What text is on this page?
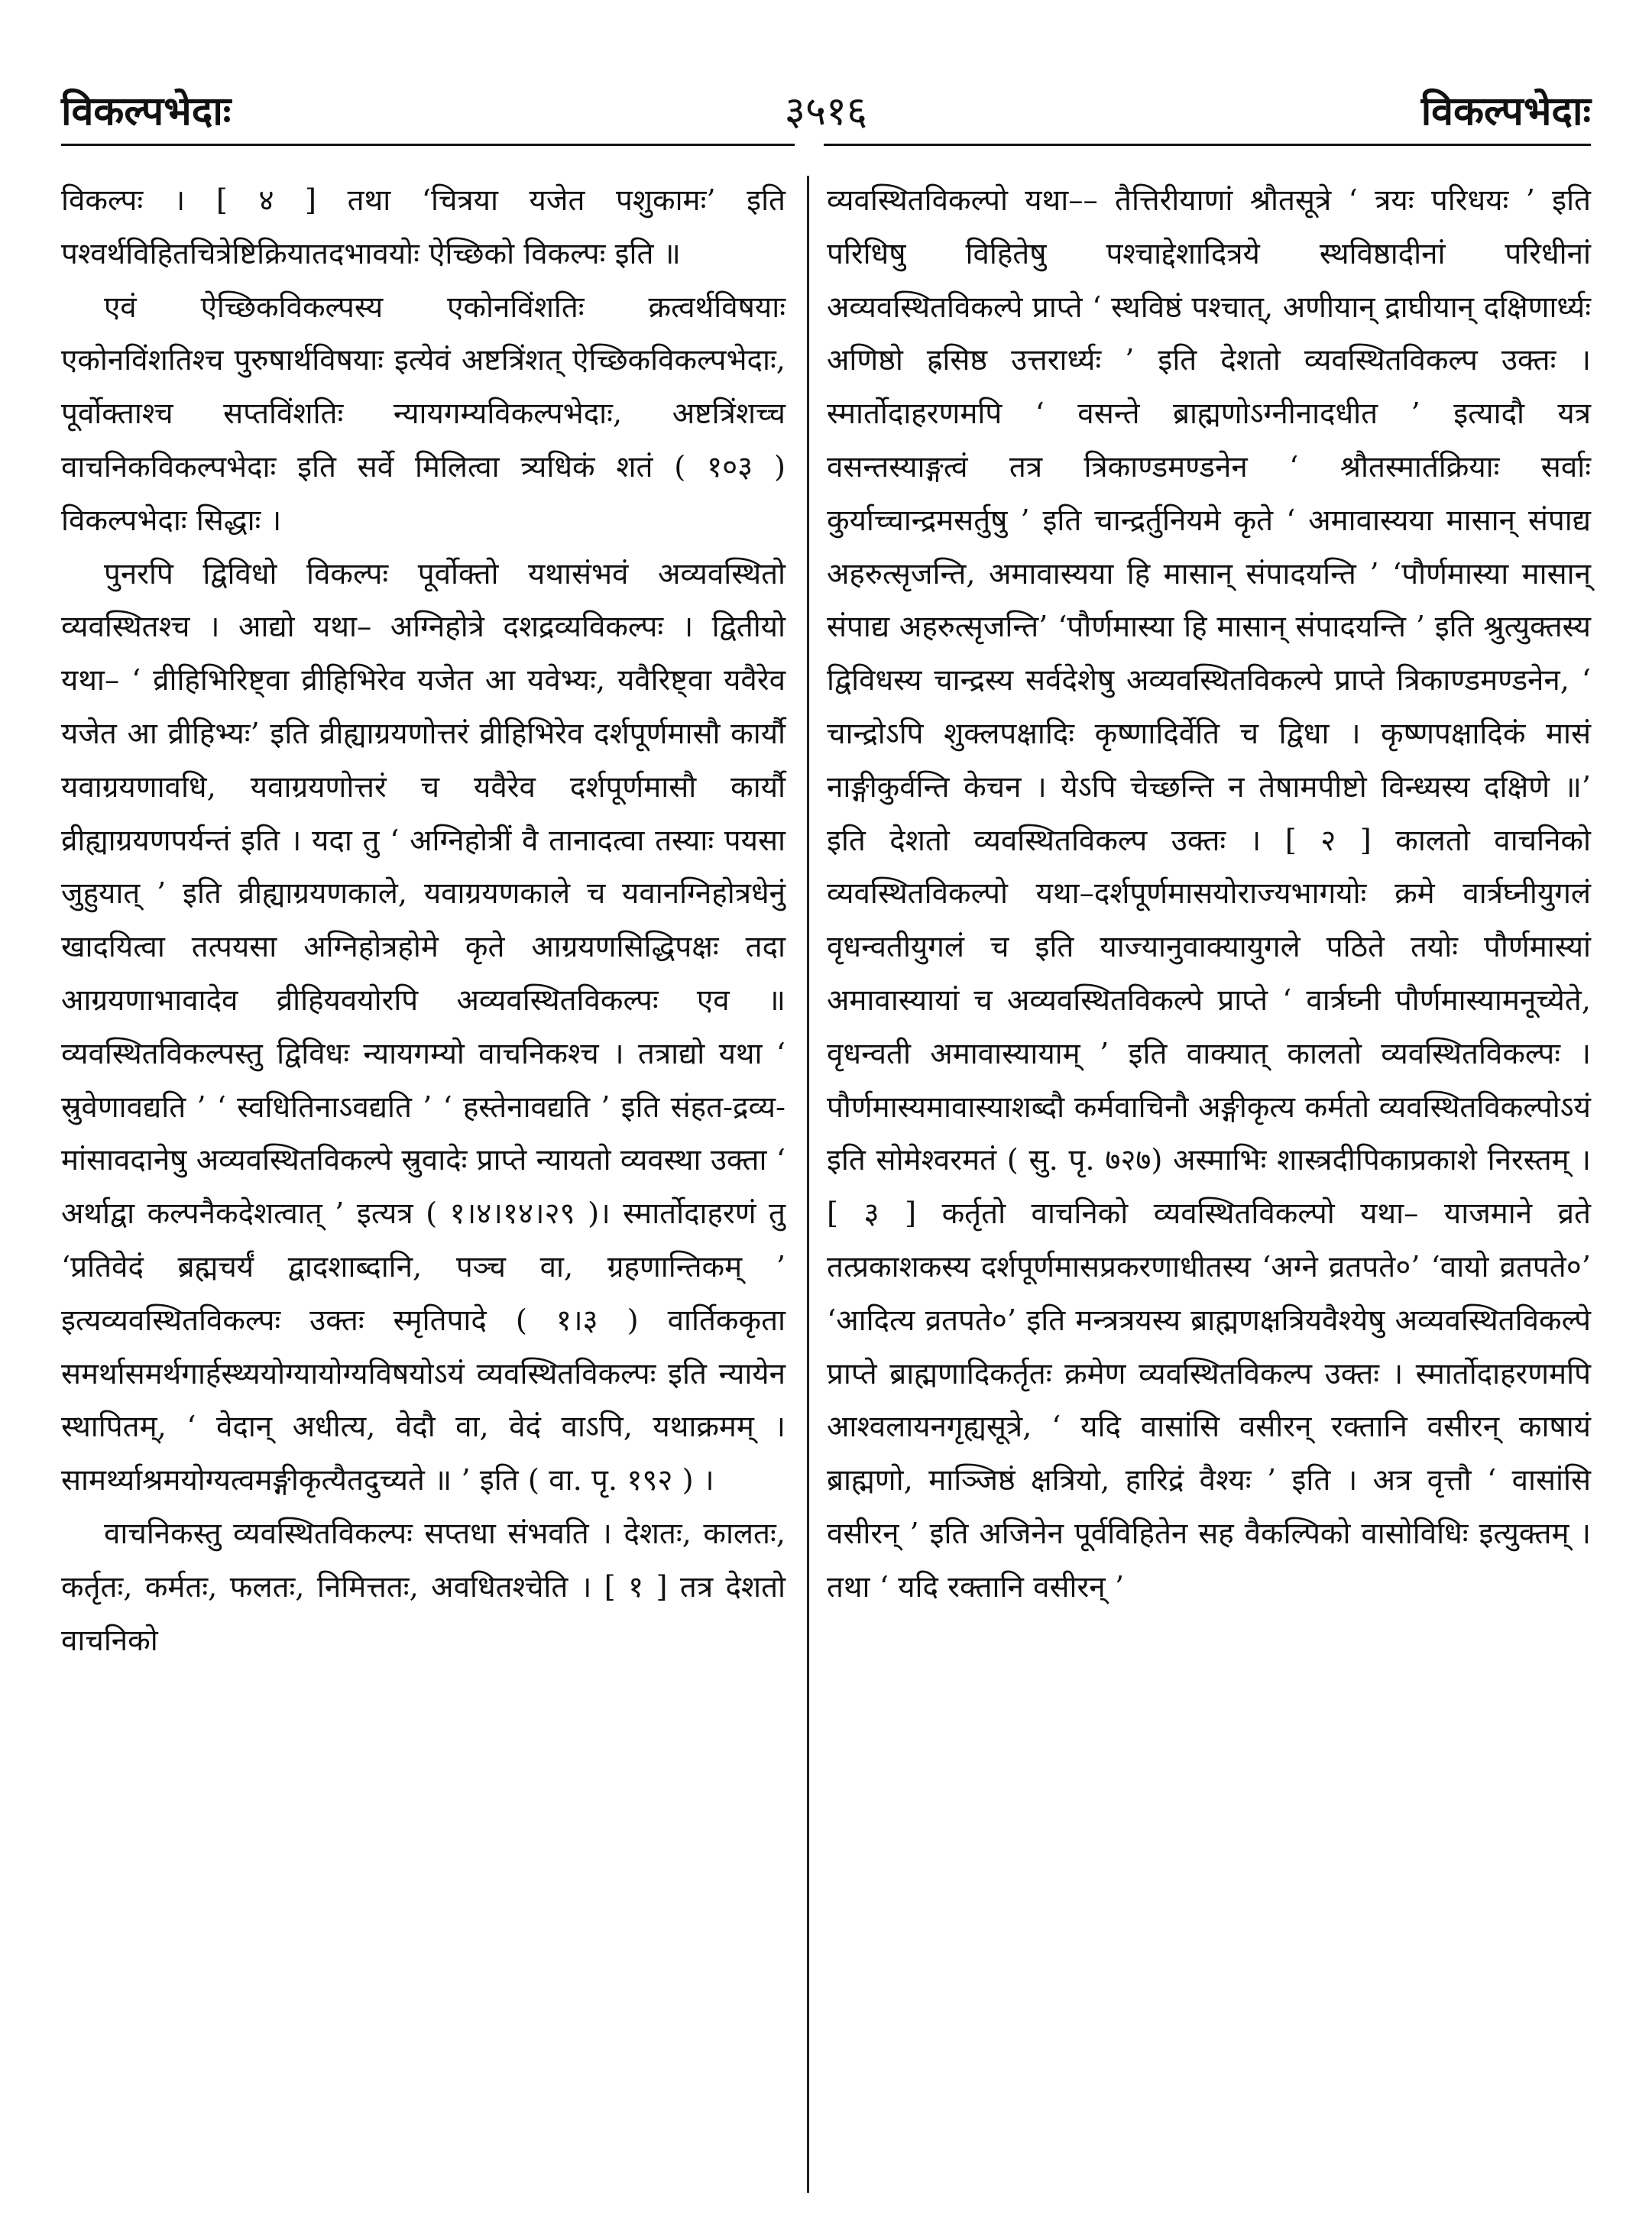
विकल्पभेदाः	३५१६	विकल्पभेदाः

विकल्पः । [ ४ ] तथा ‘चित्रया यजेत पशुकामः’ इति पश्वर्थविहितचित्रेष्टिक्रियातदभावयोः ऐच्छिको विकल्पः इति ॥

एवं ऐच्छिकविकल्पस्य एकोनविंशतिः क्रत्वर्थविषयाः एकोनविंशतिश्च पुरुषार्थविषयाः इत्येवं अष्टत्रिंशत् ऐच्छिकविकल्पभेदाः, पूर्वोक्ताश्च सप्तविंशतिः न्यायगम्यविकल्पभेदाः, अष्टत्रिंशच्च वाचनिकविकल्पभेदाः इति सर्वे मिलित्वा त्र्यधिकं शतं ( १०३ ) विकल्पभेदाः सिद्धाः ।

पुनरपि द्विविधो विकल्पः पूर्वोक्तो यथासंभवं अव्यवस्थितो व्यवस्थितश्च । आद्यो यथा– अग्निहोत्रे दशद्रव्यविकल्पः । द्वितीयो यथा– ‘ व्रीहिभिरिष्ट्वा व्रीहिभिरेव यजेत आ यवेभ्यः, यवैरिष्ट्वा यवैरेव यजेत आ व्रीहिभ्यः’ इति व्रीह्याग्रयणोत्तरं व्रीहिभिरेव दर्शपूर्णमासौ कार्यौ यवाग्रयणावधि, यवाग्रयणोत्तरं च यवैरेव दर्शपूर्णमासौ कार्यौ व्रीह्याग्रयणपर्यन्तं इति । यदा तु ‘ अग्निहोत्रीं वै तानादत्वा तस्याः पयसा जुहुयात् ’ इति व्रीह्याग्रयणकाले, यवाग्रयणकाले च यवानग्निहोत्रधेनुं खादयित्वा तत्पयसा अग्निहोत्रहोमे कृते आग्रयणसिद्धिपक्षः तदा आग्रयणाभावादेव व्रीहियवयोरपि अव्यवस्थितविकल्पः एव ॥ व्यवस्थितविकल्पस्तु द्विविधः न्यायगम्यो वाचनिकश्च । तत्राद्यो यथा ‘ स्रुवेणावद्यति ’ ‘ स्वधितिनाऽवद्यति ’ ‘ हस्तेनावद्यति ’ इति संहत-द्रव्य-मांसावदानेषु अव्यवस्थितविकल्पे स्रुवादेः प्राप्ते न्यायतो व्यवस्था उक्ता ‘ अर्थाद्वा कल्पनैकदेशत्वात् ’ इत्यत्र ( १।४।१४।२९ )। स्मार्तोदाहरणं तु ‘प्रतिवेदं ब्रह्मचर्यं द्वादशाब्दानि, पञ्च वा, ग्रहणान्तिकम् ’ इत्यव्यवस्थितविकल्पः उक्तः स्मृतिपादे ( १।३ ) वार्तिककृता समर्थासमर्थगार्हस्थ्ययोग्यायोग्यविषयोऽयं व्यवस्थितविकल्पः इति न्यायेन स्थापितम्, ‘ वेदान् अधीत्य, वेदौ वा, वेदं वाऽपि, यथाक्रमम् । सामर्थ्याश्रमयोग्यत्वमङ्गीकृत्यैतदुच्यते ॥ ’ इति ( वा. पृ. १९२ ) ।

वाचनिकस्तु व्यवस्थितविकल्पः सप्तधा संभवति । देशतः, कालतः, कर्तृतः, कर्मतः, फलतः, निमित्ततः, अवधितश्चेति । [ १ ] तत्र देशतो वाचनिको

व्यवस्थितविकल्पो यथा–– तैत्तिरीयाणां श्रौतसूत्रे ‘ त्रयः परिधयः ’ इति परिधिषु विहितेषु पश्चाद्देशादित्रये स्थविष्ठादीनां परिधीनां अव्यवस्थितविकल्पे प्राप्ते ‘ स्थविष्ठं पश्चात्, अणीयान् द्राघीयान् दक्षिणार्ध्यः अणिष्ठो ह्रसिष्ठ उत्तरार्ध्यः ’ इति देशतो व्यवस्थितविकल्प उक्तः । स्मार्तोदाहरणमपि ‘ वसन्ते ब्राह्मणोऽग्नीनादधीत ’ इत्यादौ यत्र वसन्तस्याङ्गत्वं तत्र त्रिकाण्डमण्डनेन ‘ श्रौतस्मार्तक्रियाः सर्वाः कुर्याच्चान्द्रमसर्तुषु ’ इति चान्द्रर्तुनियमे कृते ‘ अमावास्यया मासान् संपाद्य अहरुत्सृजन्ति, अमावास्यया हि मासान् संपादयन्ति ’ ‘पौर्णमास्या मासान् संपाद्य अहरुत्सृजन्ति’ ‘पौर्णमास्या हि मासान् संपादयन्ति ’ इति श्रुत्युक्तस्य द्विविधस्य चान्द्रस्य सर्वदेशेषु अव्यवस्थितविकल्पे प्राप्ते त्रिकाण्डमण्डनेन, ‘ चान्द्रोऽपि शुक्लपक्षादिः कृष्णादिर्वेति च द्विधा । कृष्णपक्षादिकं मासं नाङ्गीकुर्वन्ति केचन । येऽपि चेच्छन्ति न तेषामपीष्टो विन्ध्यस्य दक्षिणे ॥’ इति देशतो व्यवस्थितविकल्प उक्तः । [ २ ] कालतो वाचनिको व्यवस्थितविकल्पो यथा–दर्शपूर्णमासयोराज्यभागयोः क्रमे वार्त्रघ्नीयुगलं वृधन्वतीयुगलं च इति याज्यानुवाक्यायुगले पठिते तयोः पौर्णमास्यां अमावास्यायां च अव्यवस्थितविकल्पे प्राप्ते ‘ वार्त्रघ्नी पौर्णमास्यामनूच्येते, वृधन्वती अमावास्यायाम् ’ इति वाक्यात् कालतो व्यवस्थितविकल्पः । पौर्णमास्यमावास्याशब्दौ कर्मवाचिनौ अङ्गीकृत्य कर्मतो व्यवस्थितविकल्पोऽयं इति सोमेश्वरमतं ( सु. पृ. ७२७) अस्माभिः शास्त्रदीपिकाप्रकाशे निरस्तम् । [ ३ ] कर्तृतो वाचनिको व्यवस्थितविकल्पो यथा– याजमाने व्रते तत्प्रकाशकस्य दर्शपूर्णमासप्रकरणाधीतस्य ‘अग्ने व्रतपते०’ ‘वायो व्रतपते०’ ‘आदित्य व्रतपते०’ इति मन्त्रत्रयस्य ब्राह्मणक्षत्रियवैश्येषु अव्यवस्थितविकल्पे प्राप्ते ब्राह्मणादिकर्तृतः क्रमेण व्यवस्थितविकल्प उक्तः । स्मार्तोदाहरणमपि आश्वलायनगृह्यसूत्रे, ‘ यदि वासांसि वसीरन् रक्तानि वसीरन् काषायं ब्राह्मणो, माञ्जिष्ठं क्षत्रियो, हारिद्रं वैश्यः ’ इति । अत्र वृत्तौ ‘ वासांसि वसीरन् ’ इति अजिनेन पूर्वविहितेन सह वैकल्पिको वासोविधिः इत्युक्तम् । तथा ‘ यदि रक्तानि वसीरन् ’
